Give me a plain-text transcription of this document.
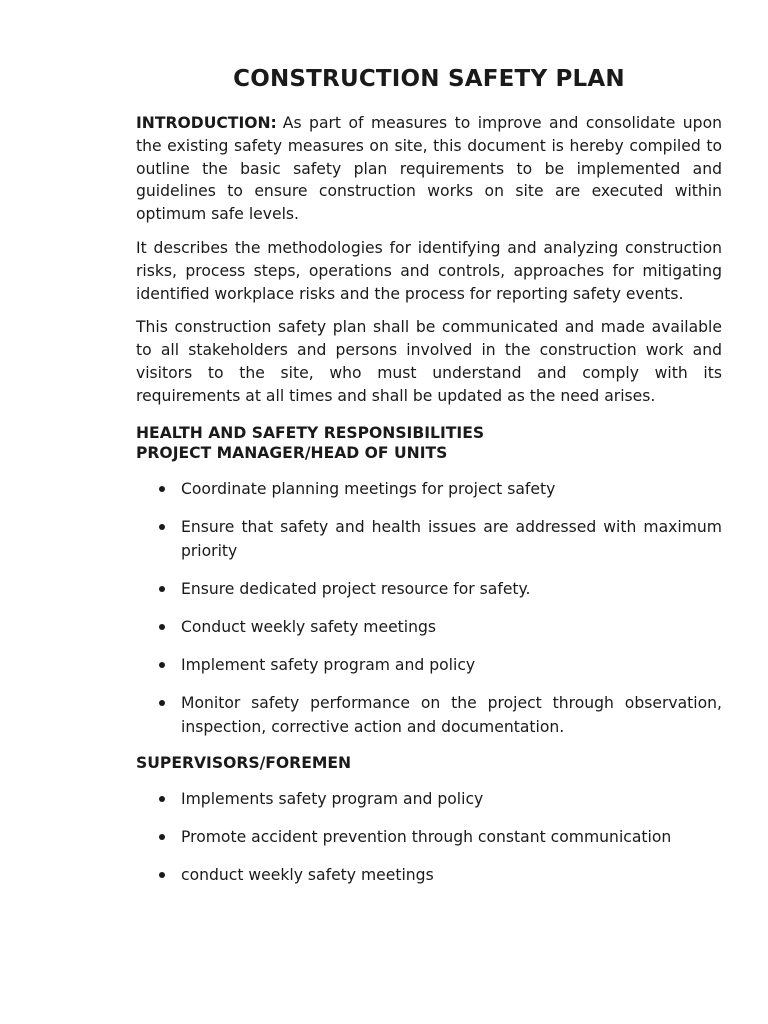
CONSTRUCTION SAFETY PLAN

INTRODUCTION: As part of measures to improve and consolidate upon the existing safety measures on site, this document is hereby compiled to outline the basic safety plan requirements to be implemented and guidelines to ensure construction works on site are executed within optimum safe levels.

It describes the methodologies for identifying and analyzing construction risks, process steps, operations and controls, approaches for mitigating identified workplace risks and the process for reporting safety events.

This construction safety plan shall be communicated and made available to all stakeholders and persons involved in the construction work and visitors to the site, who must understand and comply with its requirements at all times and shall be updated as the need arises.

HEALTH AND SAFETY RESPONSIBILITIES
PROJECT MANAGER/HEAD OF UNITS
Coordinate planning meetings for project safety
Ensure that safety and health issues are addressed with maximum priority
Ensure dedicated project resource for safety.
Conduct weekly safety meetings
Implement safety program and policy
Monitor safety performance on the project through observation, inspection, corrective action and documentation.
SUPERVISORS/FOREMEN
Implements safety program and policy
Promote accident prevention through constant communication
conduct weekly safety meetings
